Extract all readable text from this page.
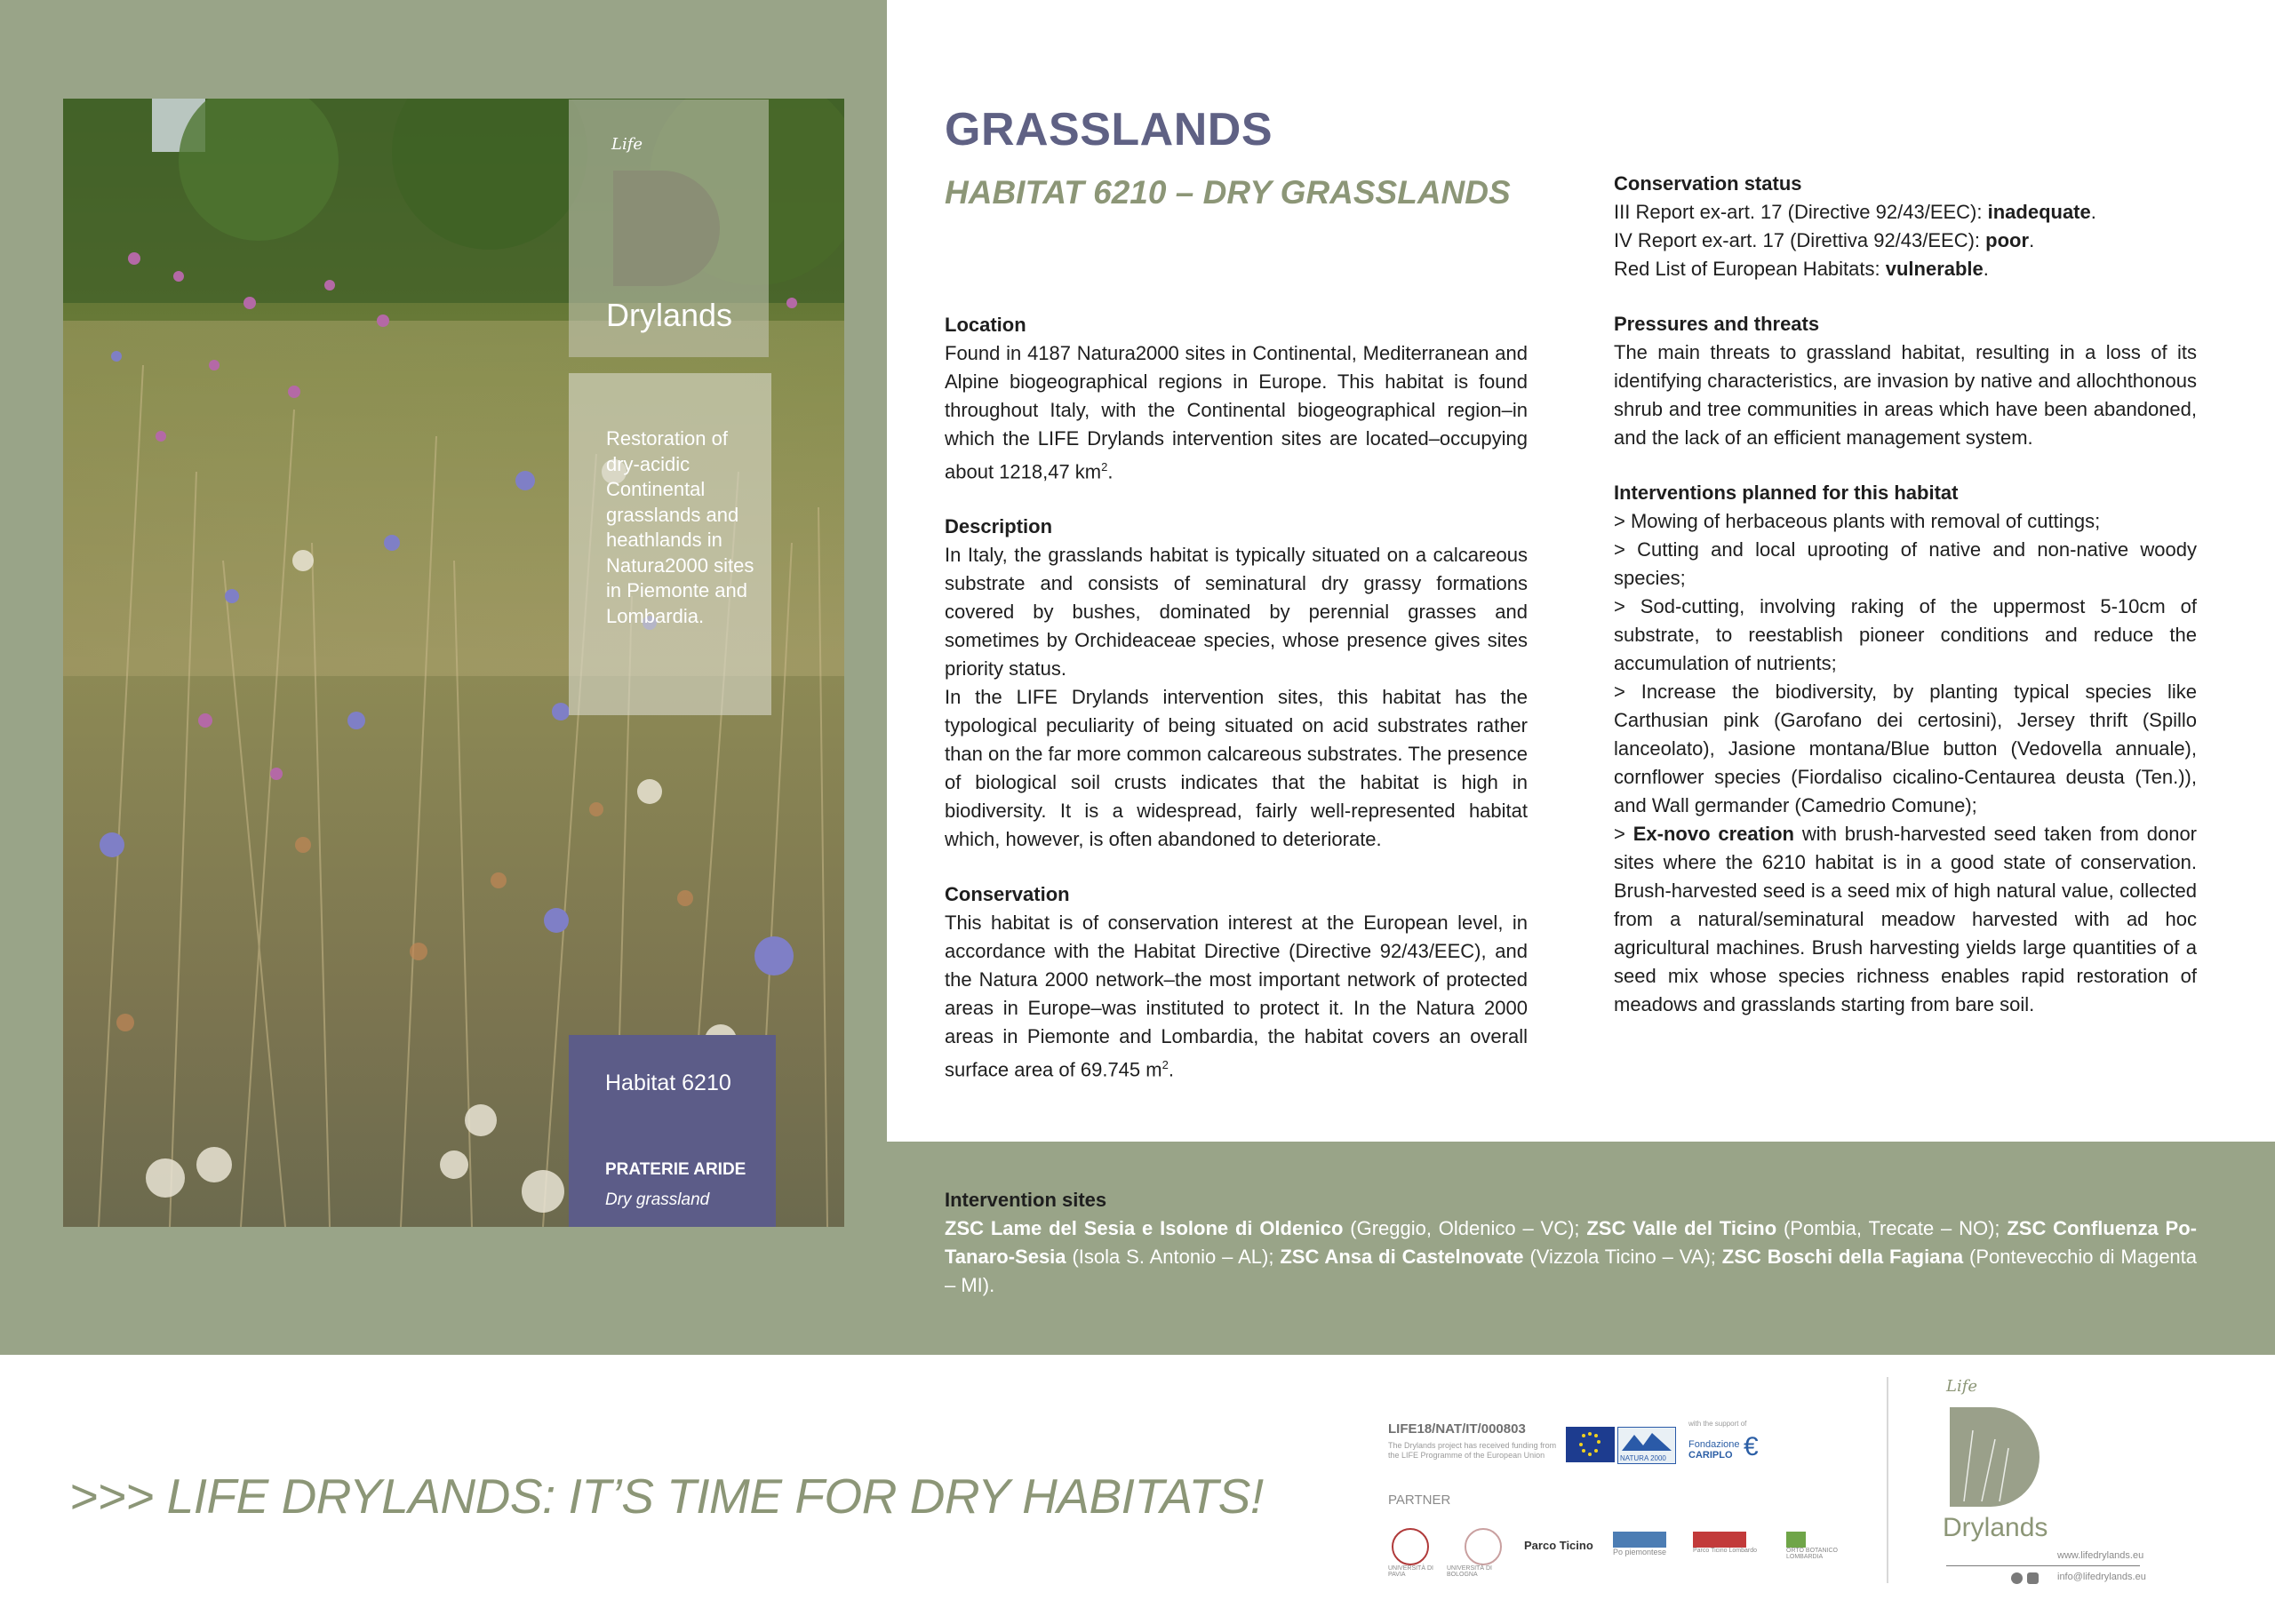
Life
Drylands
Restoration of dry-acidic Continental grasslands and heathlands in Natura2000 sites in Piemonte and Lombardia.
Habitat 6210
PRATERIE ARIDE
Dry grassland
GRASSLANDS
HABITAT 6210 – DRY GRASSLANDS
Location

Found in 4187 Natura2000 sites in Continental, Mediterranean and Alpine biogeographical regions in Europe. This habitat is found throughout Italy, with the Continental biogeographical region–in which the LIFE Drylands intervention sites are located–occupying about 1218,47 $km^2$.

Description

In Italy, the grasslands habitat is typically situated on a calcareous substrate and consists of seminatural dry grassy formations covered by bushes, dominated by perennial grasses and sometimes by Orchideaceae species, whose presence gives sites priority status.

In the LIFE Drylands intervention sites, this habitat has the typological peculiarity of being situated on acid substrates rather than on the far more common calcareous substrates. The presence of biological soil crusts indicates that the habitat is high in biodiversity. It is a widespread, fairly well-represented habitat which, however, is often abandoned to deteriorate.

Conservation

This habitat is of conservation interest at the European level, in accordance with the Habitat Directive (Directive 92/43/EEC), and the Natura 2000 network–the most important network of protected areas in Europe–was instituted to protect it. In the Natura 2000 areas in Piemonte and Lombardia, the habitat covers an overall surface area of 69.745 $m^2$.

Conservation status
III Report ex-art. 17 (Directive 92/43/EEC): inadequate.
IV Report ex-art. 17 (Direttiva 92/43/EEC): poor.
Red List of European Habitats: vulnerable.
Pressures and threats

The main threats to grassland habitat, resulting in a loss of its identifying characteristics, are invasion by native and allochthonous shrub and tree communities in areas which have been abandoned, and the lack of an efficient management system.

Interventions planned for this habitat

> Mowing of herbaceous plants with removal of cuttings;

> Cutting and local uprooting of native and non-native woody species;

> Sod-cutting, involving raking of the uppermost 5-10cm of substrate, to reestablish pioneer conditions and reduce the accumulation of nutrients;

> Increase the biodiversity, by planting typical species like Carthusian pink (Garofano dei certosini), Jersey thrift (Spillo lanceolato), Jasione montana/Blue button (Vedovella annuale), cornflower species (Fiordaliso cicalino-Centaurea deusta (Ten.)), and Wall germander (Camedrio Comune);

> Ex-novo creation with brush-harvested seed taken from donor sites where the 6210 habitat is in a good state of conservation. Brush-harvested seed is a seed mix of high natural value, collected from a natural/seminatural meadow harvested with ad hoc agricultural machines. Brush harvesting yields large quantities of a seed mix whose species richness enables rapid restoration of meadows and grasslands starting from bare soil.

Intervention sites

ZSC Lame del Sesia e Isolone di Oldenico (Greggio, Oldenico – VC); ZSC Valle del Ticino (Pombia, Trecate – NO); ZSC Confluenza Po-Tanaro-Sesia (Isola S. Antonio – AL); ZSC Ansa di Castelnovate (Vizzola Ticino – VA); ZSC Boschi della Fagiana (Pontevecchio di Magenta – MI).

>>> LIFE DRYLANDS: IT’S TIME FOR DRY HABITATS!
LIFE18/NAT/IT/000803
The Drylands project has received funding from the LIFE Programme of the European Union	NATURA 2000
with the support of
Fondazione
CARIPLO €
PARTNER
UNIVERSITÀ DI PAVIA
UNIVERSITÀ DI BOLOGNA
Parco Ticino Po piemontese	Parco Ticino Lombardo	ORTO BOTANICO LOMBARDIA
Life
Drylands
www.lifedrylands.eu
info@lifedrylands.eu
